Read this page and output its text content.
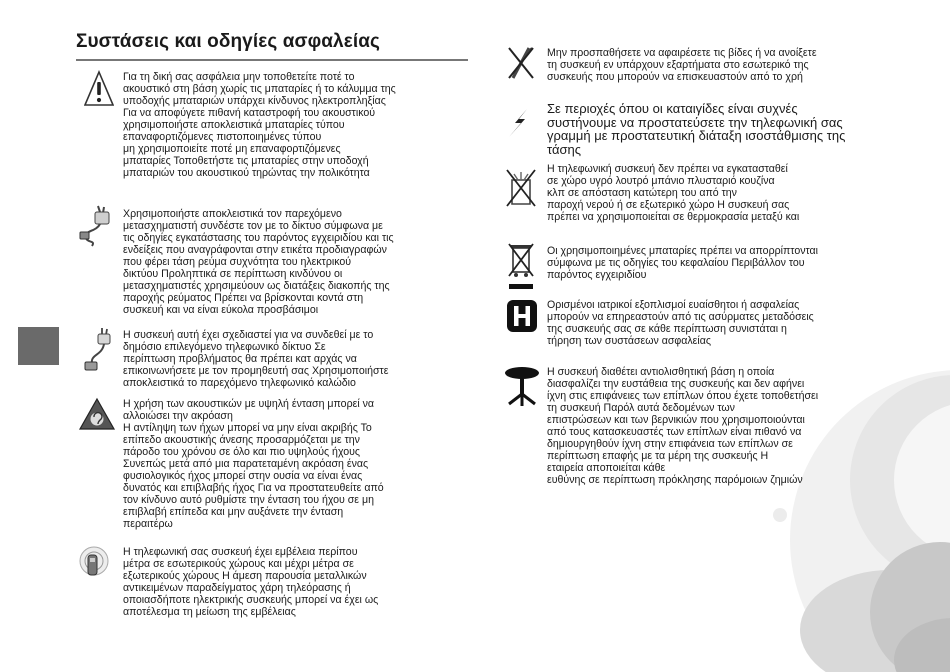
Συστάσεις και οδηγίες ασφαλείας
Για τη δική σας ασφάλεια μην τοποθετείτε ποτέ το
ακουστικό στη βάση χωρίς τις μπαταρίες ή το κάλυμμα της
υποδοχής μπαταριών υπάρχει κίνδυνος ηλεκτροπληξίας
Για να αποφύγετε πιθανή καταστροφή του ακουστικού
χρησιμοποιήστε αποκλειστικά μπαταρίες τύπου
επαναφορτιζόμενες πιστοποιημένες τύπου
μη χρησιμοποιείτε ποτέ μη επαναφορτιζόμενες
μπαταρίες Τοποθετήστε τις μπαταρίες στην υποδοχή
μπαταριών του ακουστικού τηρώντας την πολικότητα
Χρησιμοποιήστε αποκλειστικά τον παρεχόμενο
μετασχηματιστή συνδέστε τον με το δίκτυο σύμφωνα με
τις οδηγίες εγκατάστασης του παρόντος εγχειριδίου και τις
ενδείξεις που αναγράφονται στην ετικέτα προδιαγραφών
που φέρει τάση ρεύμα συχνότητα του ηλεκτρικού
δικτύου Προληπτικά σε περίπτωση κινδύνου οι
μετασχηματιστές χρησιμεύουν ως διατάξεις διακοπής της
παροχής ρεύματος Πρέπει να βρίσκονται κοντά στη
συσκευή και να είναι εύκολα προσβάσιμοι
Η συσκευή αυτή έχει σχεδιαστεί για να συνδεθεί με το
δημόσιο επιλεγόμενο τηλεφωνικό δίκτυο Σε
περίπτωση προβλήματος θα πρέπει κατ αρχάς να
επικοινωνήσετε με τον προμηθευτή σας Χρησιμοποιήστε
αποκλειστικά το παρεχόμενο τηλεφωνικό καλώδιο
Η χρήση των ακουστικών με υψηλή ένταση μπορεί να
αλλοιώσει την ακρόαση
Η αντίληψη των ήχων μπορεί να μην είναι ακριβής Το
επίπεδο ακουστικής άνεσης προσαρμόζεται με την
πάροδο του χρόνου σε όλο και πιο υψηλούς ήχους
Συνεπώς μετά από μια παρατεταμένη ακρόαση ένας
φυσιολογικός ήχος μπορεί στην ουσία να είναι ένας
δυνατός και επιβλαβής ήχος Για να προστατευθείτε από
τον κίνδυνο αυτό ρυθμίστε την ένταση του ήχου σε μη
επιβλαβή επίπεδα και μην αυξάνετε την ένταση
περαιτέρω
Η τηλεφωνική σας συσκευή έχει εμβέλεια περίπου
μέτρα σε εσωτερικούς χώρους και μέχρι μέτρα σε
εξωτερικούς χώρους Η άμεση παρουσία μεταλλικών
αντικειμένων παραδείγματος χάρη τηλεόρασης ή
οποιασδήποτε ηλεκτρικής συσκευής μπορεί να έχει ως
αποτέλεσμα τη μείωση της εμβέλειας
Μην προσπαθήσετε να αφαιρέσετε τις βίδες ή να ανοίξετε
τη συσκευή εν υπάρχουν εξαρτήματα στο εσωτερικό της
συσκευής που μπορούν να επισκευαστούν από το χρή
Σε περιοχές όπου οι καταιγίδες είναι συχνές
συστήνουμε να προστατεύσετε την τηλεφωνική σας
γραμμή με προστατευτική διάταξη ισοστάθμισης της
τάσης
Η τηλεφωνική συσκευή δεν πρέπει να εγκατασταθεί
σε χώρο υγρό λουτρό μπάνιο πλυσταριό κουζίνα
κλπ σε απόσταση κατώτερη του από την
παροχή νερού ή σε εξωτερικό χώρο Η συσκευή σας
πρέπει να χρησιμοποιείται σε θερμοκρασία μεταξύ και
Οι χρησιμοποιημένες μπαταρίες πρέπει να απορρίπτονται
σύμφωνα με τις οδηγίες του κεφαλαίου Περιβάλλον του
παρόντος εγχειριδίου
Ορισμένοι ιατρικοί εξοπλισμοί ευαίσθητοι ή ασφαλείας
μπορούν να επηρεαστούν από τις ασύρματες μεταδόσεις
της συσκευής σας σε κάθε περίπτωση συνιστάται η
τήρηση των συστάσεων ασφαλείας
Η συσκευή διαθέτει αντιολισθητική βάση η οποία
διασφαλίζει την ευστάθεια της συσκευής και δεν αφήνει
ίχνη στις επιφάνειες των επίπλων όπου έχετε τοποθετήσει
τη συσκευή Παρόλ αυτά δεδομένων των
επιστρώσεων και των βερνικιών που χρησιμοποιούνται
από τους κατασκευαστές των επίπλων είναι πιθανό να
δημιουργηθούν ίχνη στην επιφάνεια των επίπλων σε
περίπτωση επαφής με τα μέρη της συσκευής Η
εταιρεία αποποιείται κάθε
ευθύνης σε περίπτωση πρόκλησης παρόμοιων ζημιών
